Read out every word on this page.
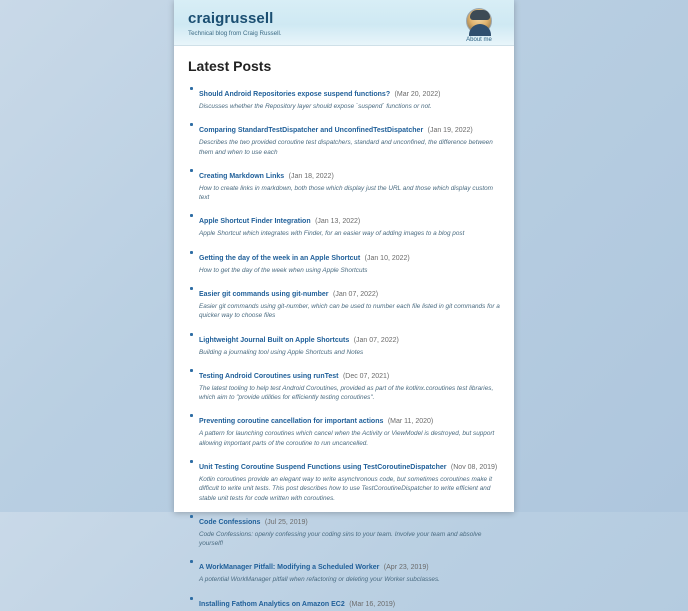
craigrussell

Technical blog from Craig Russell.

About me
Latest Posts
Should Android Repositories expose suspend functions? (Mar 20, 2022)
Discusses whether the Repository layer should expose `suspend` functions or not.
Comparing StandardTestDispatcher and UnconfinedTestDispatcher (Jan 19, 2022)
Describes the two provided coroutine test dispatchers, standard and unconfined, the difference between them and when to use each
Creating Markdown Links (Jan 18, 2022)
How to create links in markdown, both those which display just the URL and those which display custom text
Apple Shortcut Finder Integration (Jan 13, 2022)
Apple Shortcut which integrates with Finder, for an easier way of adding images to a blog post
Getting the day of the week in an Apple Shortcut (Jan 10, 2022)
How to get the day of the week when using Apple Shortcuts
Easier git commands using git-number (Jan 07, 2022)
Easier git commands using git-number, which can be used to number each file listed in git commands for a quicker way to choose files
Lightweight Journal Built on Apple Shortcuts (Jan 07, 2022)
Building a journaling tool using Apple Shortcuts and Notes
Testing Android Coroutines using runTest (Dec 07, 2021)
The latest tooling to help test Android Coroutines, provided as part of the kotlinx.coroutines test libraries, which aim to "provide utilities for efficiently testing coroutines".
Preventing coroutine cancellation for important actions (Mar 11, 2020)
A pattern for launching coroutines which cancel when the Activity or ViewModel is destroyed, but support allowing important parts of the coroutine to run uncancelled.
Unit Testing Coroutine Suspend Functions using TestCoroutineDispatcher (Nov 08, 2019)
Kotlin coroutines provide an elegant way to write asynchronous code, but sometimes coroutines make it difficult to write unit tests. This post describes how to use TestCoroutineDispatcher to write efficient and stable unit tests for code written with coroutines.
Code Confessions (Jul 25, 2019)
Code Confessions: openly confessing your coding sins to your team. Involve your team and absolve yourself!
A WorkManager Pitfall: Modifying a Scheduled Worker (Apr 23, 2019)
A potential WorkManager pitfall when refactoring or deleting your Worker subclasses.
Installing Fathom Analytics on Amazon EC2 (Mar 16, 2019)
